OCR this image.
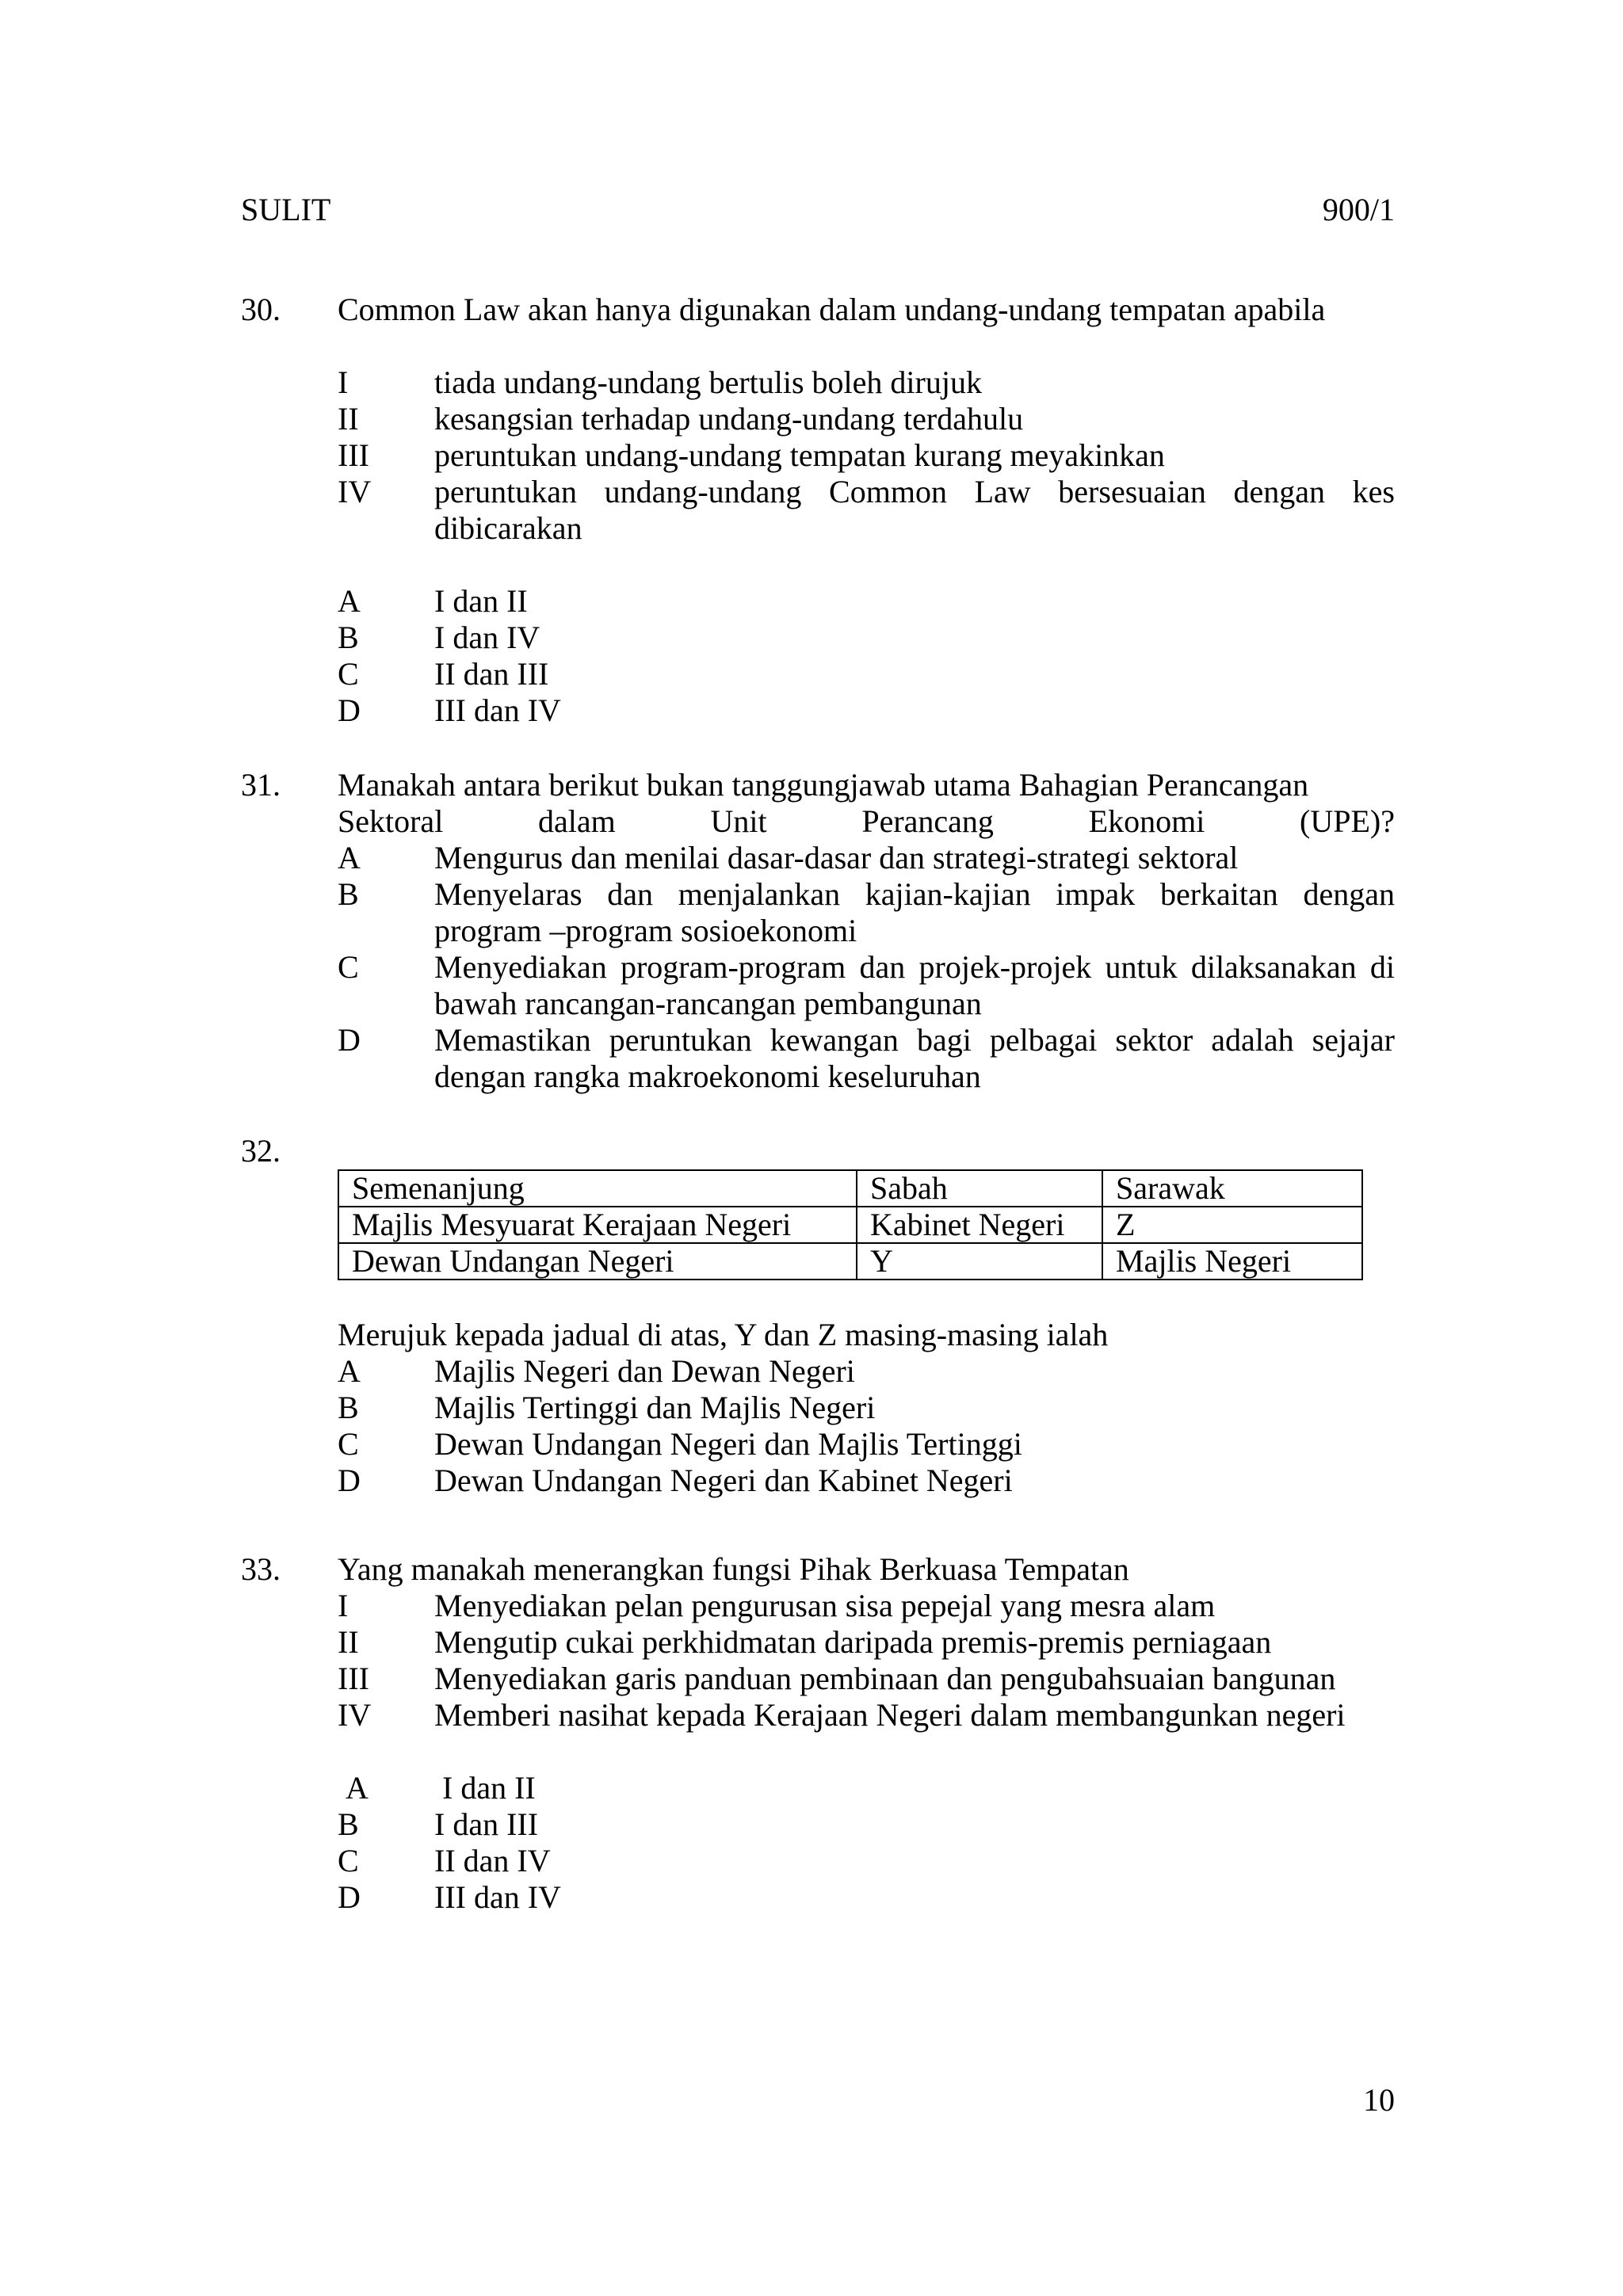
SULIT	900/1
30.	Common Law akan hanya digunakan dalam undang-undang tempatan apabila
I	tiada undang-undang bertulis boleh dirujuk
II	kesangsian terhadap undang-undang terdahulu
III	peruntukan undang-undang tempatan kurang meyakinkan
IV	peruntukan undang-undang Common Law bersesuaian dengan kes dibicarakan
A	I dan II
B	I dan IV
C	II dan III
D	III dan IV
31.	Manakah antara berikut bukan tanggungjawab utama Bahagian Perancangan
Sektoral	dalam	Unit	Perancang	Ekonomi	(UPE)?
A	Mengurus dan menilai dasar-dasar dan strategi-strategi sektoral
B	Menyelaras dan menjalankan kajian-kajian impak berkaitan dengan program –program sosioekonomi
C	Menyediakan program-program dan projek-projek untuk dilaksanakan di bawah rancangan-rancangan pembangunan
D	Memastikan peruntukan kewangan bagi pelbagai sektor adalah sejajar dengan rangka makroekonomi keseluruhan
32.
Semenanjung	Sabah	Sarawak
Majlis Mesyuarat Kerajaan Negeri	Kabinet Negeri	Z
Dewan Undangan Negeri	Y	Majlis Negeri
Merujuk kepada jadual di atas, Y dan Z masing-masing ialah
A	Majlis Negeri dan Dewan Negeri
B	Majlis Tertinggi dan Majlis Negeri
C	Dewan Undangan Negeri dan Majlis Tertinggi
D	Dewan Undangan Negeri dan Kabinet Negeri
33.	Yang manakah menerangkan fungsi Pihak Berkuasa Tempatan
I	Menyediakan pelan pengurusan sisa pepejal yang mesra alam
II	Mengutip cukai perkhidmatan daripada premis-premis perniagaan
III	Menyediakan garis panduan pembinaan dan pengubahsuaian bangunan
IV	Memberi nasihat kepada Kerajaan Negeri dalam membangunkan negeri
A	I dan II
B	I dan III
C	II dan IV
D	III dan IV
10
